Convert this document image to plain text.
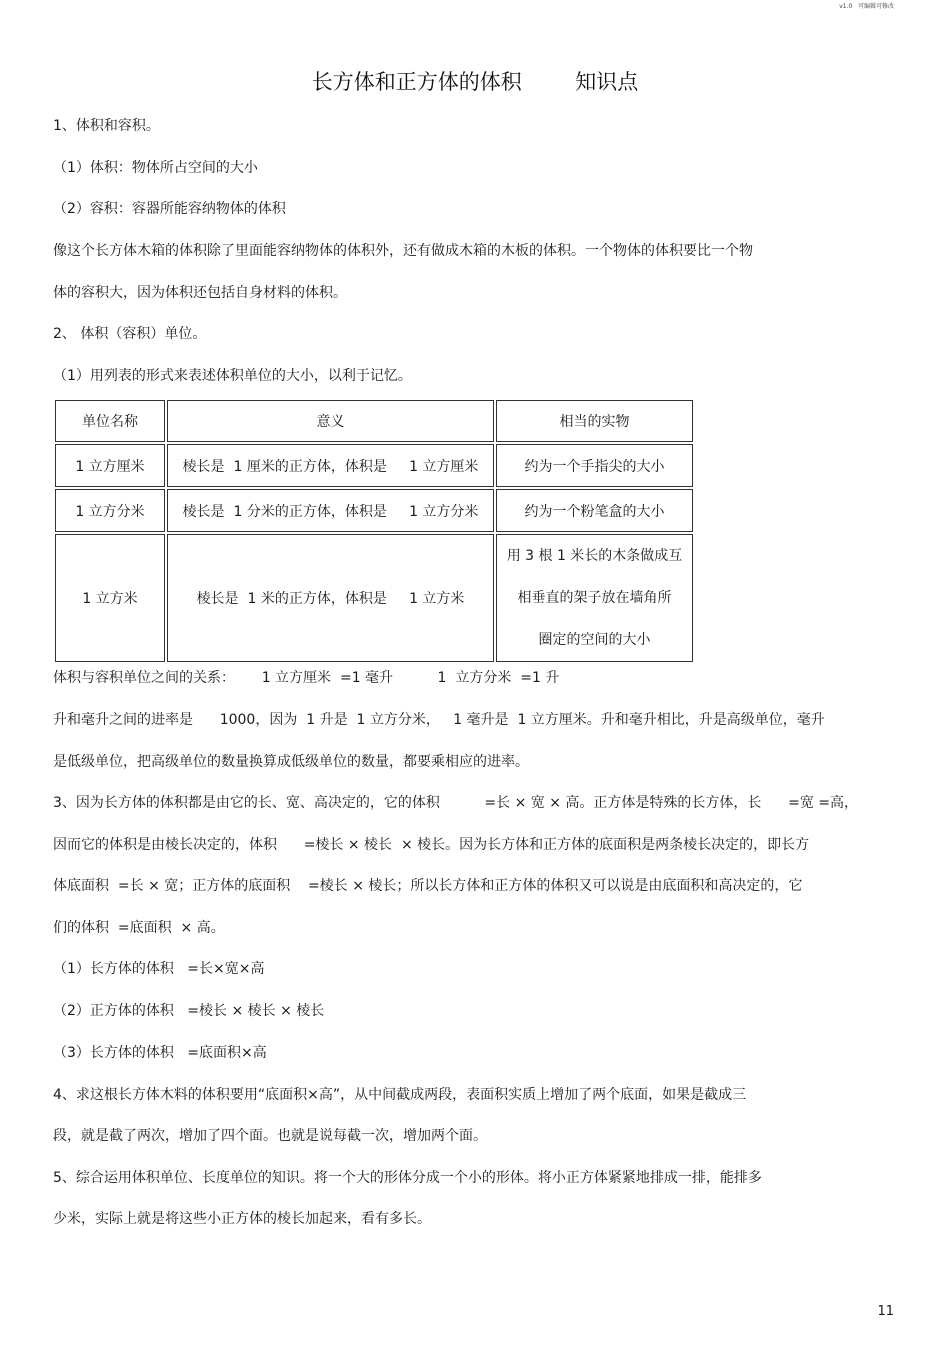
v1.0   可编辑可修改
长方体和正方体的体积        知识点
1、体积和容积。
（1）体积：物体所占空间的大小
（2）容积：容器所能容纳物体的体积
像这个长方体木箱的体积除了里面能容纳物体的体积外，还有做成木箱的木板的体积。一个物体的体积要比一个物
体的容积大，因为体积还包括自身材料的体积。
2、 体积（容积）单位。
（1）用列表的形式来表述体积单位的大小，以利于记忆。
单位名称	意义	相当的实物
1 立方厘米	棱长是  1 厘米的正方体，体积是     1 立方厘米	约为一个手指尖的大小
1 立方分米	棱长是  1 分米的正方体，体积是     1 立方分米	约为一个粉笔盒的大小
1 立方米	棱长是  1 米的正方体，体积是     1 立方米	用 3 根 1 米长的木条做成互
相垂直的架子放在墙角所
圈定的空间的大小
体积与容积单位之间的关系：      1 立方厘米  =1 毫升          1  立方分米  =1 升
升和毫升之间的进率是      1000，因为  1 升是  1 立方分米，   1 毫升是  1 立方厘米。升和毫升相比，升是高级单位，毫升
是低级单位，把高级单位的数量换算成低级单位的数量，都要乘相应的进率。
3、因为长方体的体积都是由它的长、宽、高决定的，它的体积          =长 × 宽 × 高。正方体是特殊的长方体，长      =宽 =高，
因而它的体积是由棱长决定的，体积      =棱长 × 棱长  × 棱长。因为长方体和正方体的底面积是两条棱长决定的，即长方
体底面积  =长 × 宽；正方体的底面积    =棱长 × 棱长；所以长方体和正方体的体积又可以说是由底面积和高决定的，它
们的体积  =底面积  × 高。
（1）长方体的体积   =长×宽×高
（2）正方体的体积   =棱长 × 棱长 × 棱长
（3）长方体的体积   =底面积×高
4、求这根长方体木料的体积要用“底面积×高”，从中间截成两段，表面积实质上增加了两个底面，如果是截成三
段，就是截了两次，增加了四个面。也就是说每截一次，增加两个面。
5、综合运用体积单位、长度单位的知识。将一个大的形体分成一个小的形体。将小正方体紧紧地排成一排，能排多
少米，实际上就是将这些小正方体的棱长加起来，看有多长。
11
